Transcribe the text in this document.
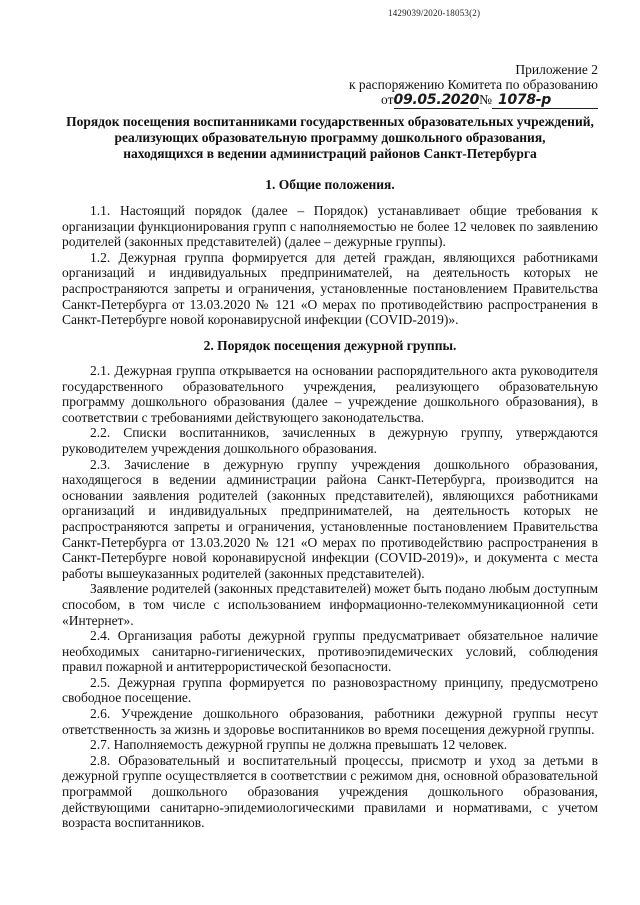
1429039/2020-18053(2)
Приложение 2
к распоряжению Комитета по образованию
от09.05.2020№ 1078-р
Порядок посещения воспитанниками государственных образовательных учреждений,
реализующих образовательную программу дошкольного образования,
находящихся в ведении администраций районов Санкт-Петербурга
1. Общие положения.

1.1. Настоящий порядок (далее – Порядок) устанавливает общие требования к организации функционирования групп с наполняемостью не более 12 человек по заявлению родителей (законных представителей) (далее – дежурные группы).

1.2. Дежурная группа формируется для детей граждан, являющихся работниками организаций и индивидуальных предпринимателей, на деятельность которых не распространяются запреты и ограничения, установленные постановлением Правительства Санкт-Петербурга от 13.03.2020 № 121 «О мерах по противодействию распространения в Санкт-Петербурге новой коронавирусной инфекции (COVID-2019)».

2. Порядок посещения дежурной группы.

2.1. Дежурная группа открывается на основании распорядительного акта руководителя государственного образовательного учреждения, реализующего образовательную программу дошкольного образования (далее – учреждение дошкольного образования), в соответствии с требованиями действующего законодательства.

2.2. Списки воспитанников, зачисленных в дежурную группу, утверждаются руководителем учреждения дошкольного образования.

2.3. Зачисление в дежурную группу учреждения дошкольного образования, находящегося в ведении администрации района Санкт-Петербурга, производится на основании заявления родителей (законных представителей), являющихся работниками организаций и индивидуальных предпринимателей, на деятельность которых не распространяются запреты и ограничения, установленные постановлением Правительства Санкт-Петербурга от 13.03.2020 № 121 «О мерах по противодействию распространения в Санкт-Петербурге новой коронавирусной инфекции (COVID-2019)», и документа с места работы вышеуказанных родителей (законных представителей).

Заявление родителей (законных представителей) может быть подано любым доступным способом, в том числе с использованием информационно-телекоммуникационной сети «Интернет».

2.4. Организация работы дежурной группы предусматривает обязательное наличие необходимых санитарно-гигиенических, противоэпидемических условий, соблюдения правил пожарной и антитеррористической безопасности.

2.5. Дежурная группа формируется по разновозрастному принципу, предусмотрено свободное посещение.

2.6. Учреждение дошкольного образования, работники дежурной группы несут ответственность за жизнь и здоровье воспитанников во время посещения дежурной группы.

2.7. Наполняемость дежурной группы не должна превышать 12 человек.

2.8. Образовательный и воспитательный процессы, присмотр и уход за детьми в дежурной группе осуществляется в соответствии с режимом дня, основной образовательной программой дошкольного образования учреждения дошкольного образования, действующими санитарно-эпидемиологическими правилами и нормативами, с учетом возраста воспитанников.
